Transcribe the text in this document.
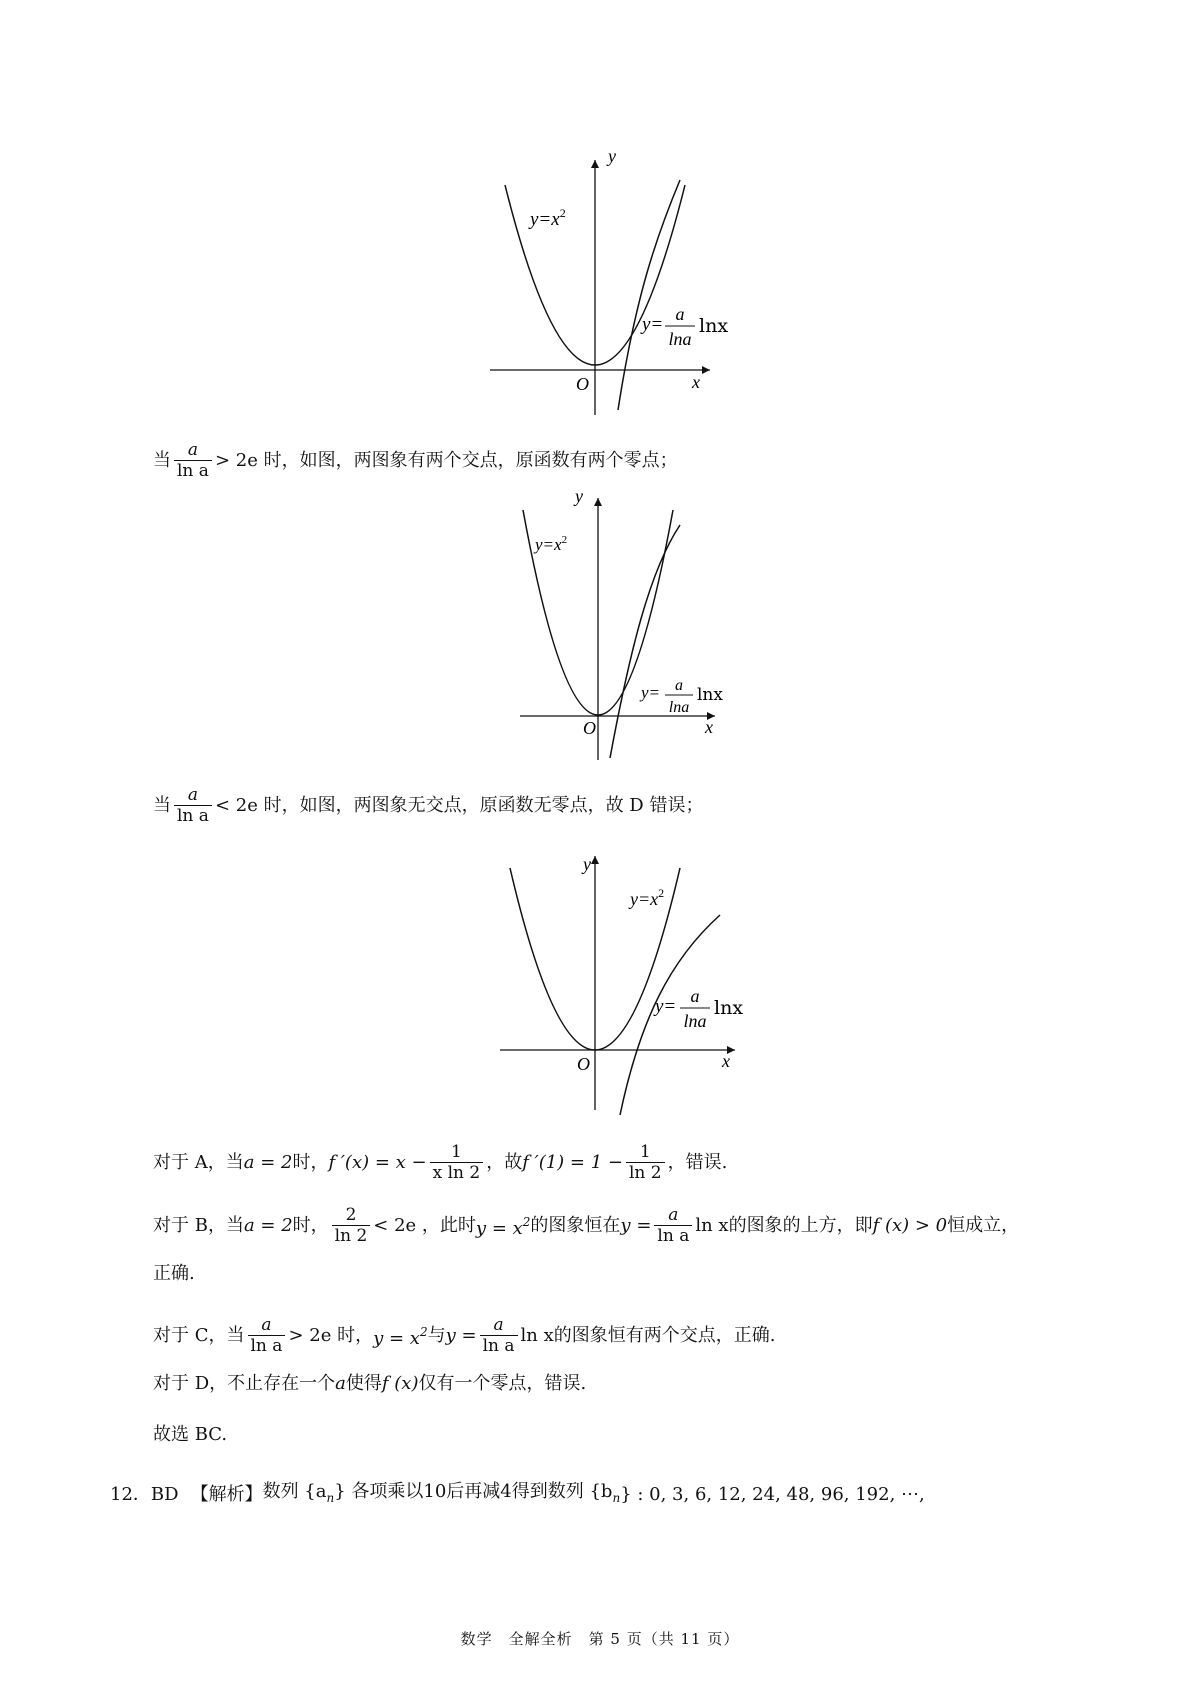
y
x
O
$y=x^2$
y= a
lna
lnx
当 $\frac{a}{\text{ln a}} > 2e$ 时，如图，两图象有两个交点，原函数有两个零点；
y
x
O
$y=x^2$
y= a
lna
lnx
当 $\frac{a}{\text{ln a}} < 2e$ 时，如图，两图象无交点，原函数无零点，故 D 错误；
y
x
O
$y=x^2$
y= a
lna
lnx
对于 A，当 a = 2 时， f $'(x) = x - \frac{1}{\text{x ln 2}}$ ，故 f $'(1) = 1 - \frac{1}{\ln 2}$ ，错误.
对于 B，当 a = 2 时， $\frac{2}{\ln 2} < 2e$ ，此时 $y = x^2$ 的图象恒在 $y = \frac{a}{\text{ln a}}$ ln x 的图象的上方，即 f (x) > 0 恒成立，
正确.
对于 C，当 $\frac{a}{\text{ln a}} > 2e$ 时， $y = x^2$ 与 $y = \frac{a}{\text{ln a}}$ ln x 的图象恒有两个交点，正确.
对于 D，不止存在一个 a 使得 f (x) 仅有一个零点，错误.
故选 BC.
12．BD 【解析】 数列 {$a_n$ } 各项乘以10后再减4得到数列 {$b_n$ } : 0, 3, 6, 12, 24, 48, 96, 192, ⋯,
数学　全解全析　第 5 页（共 11 页）
